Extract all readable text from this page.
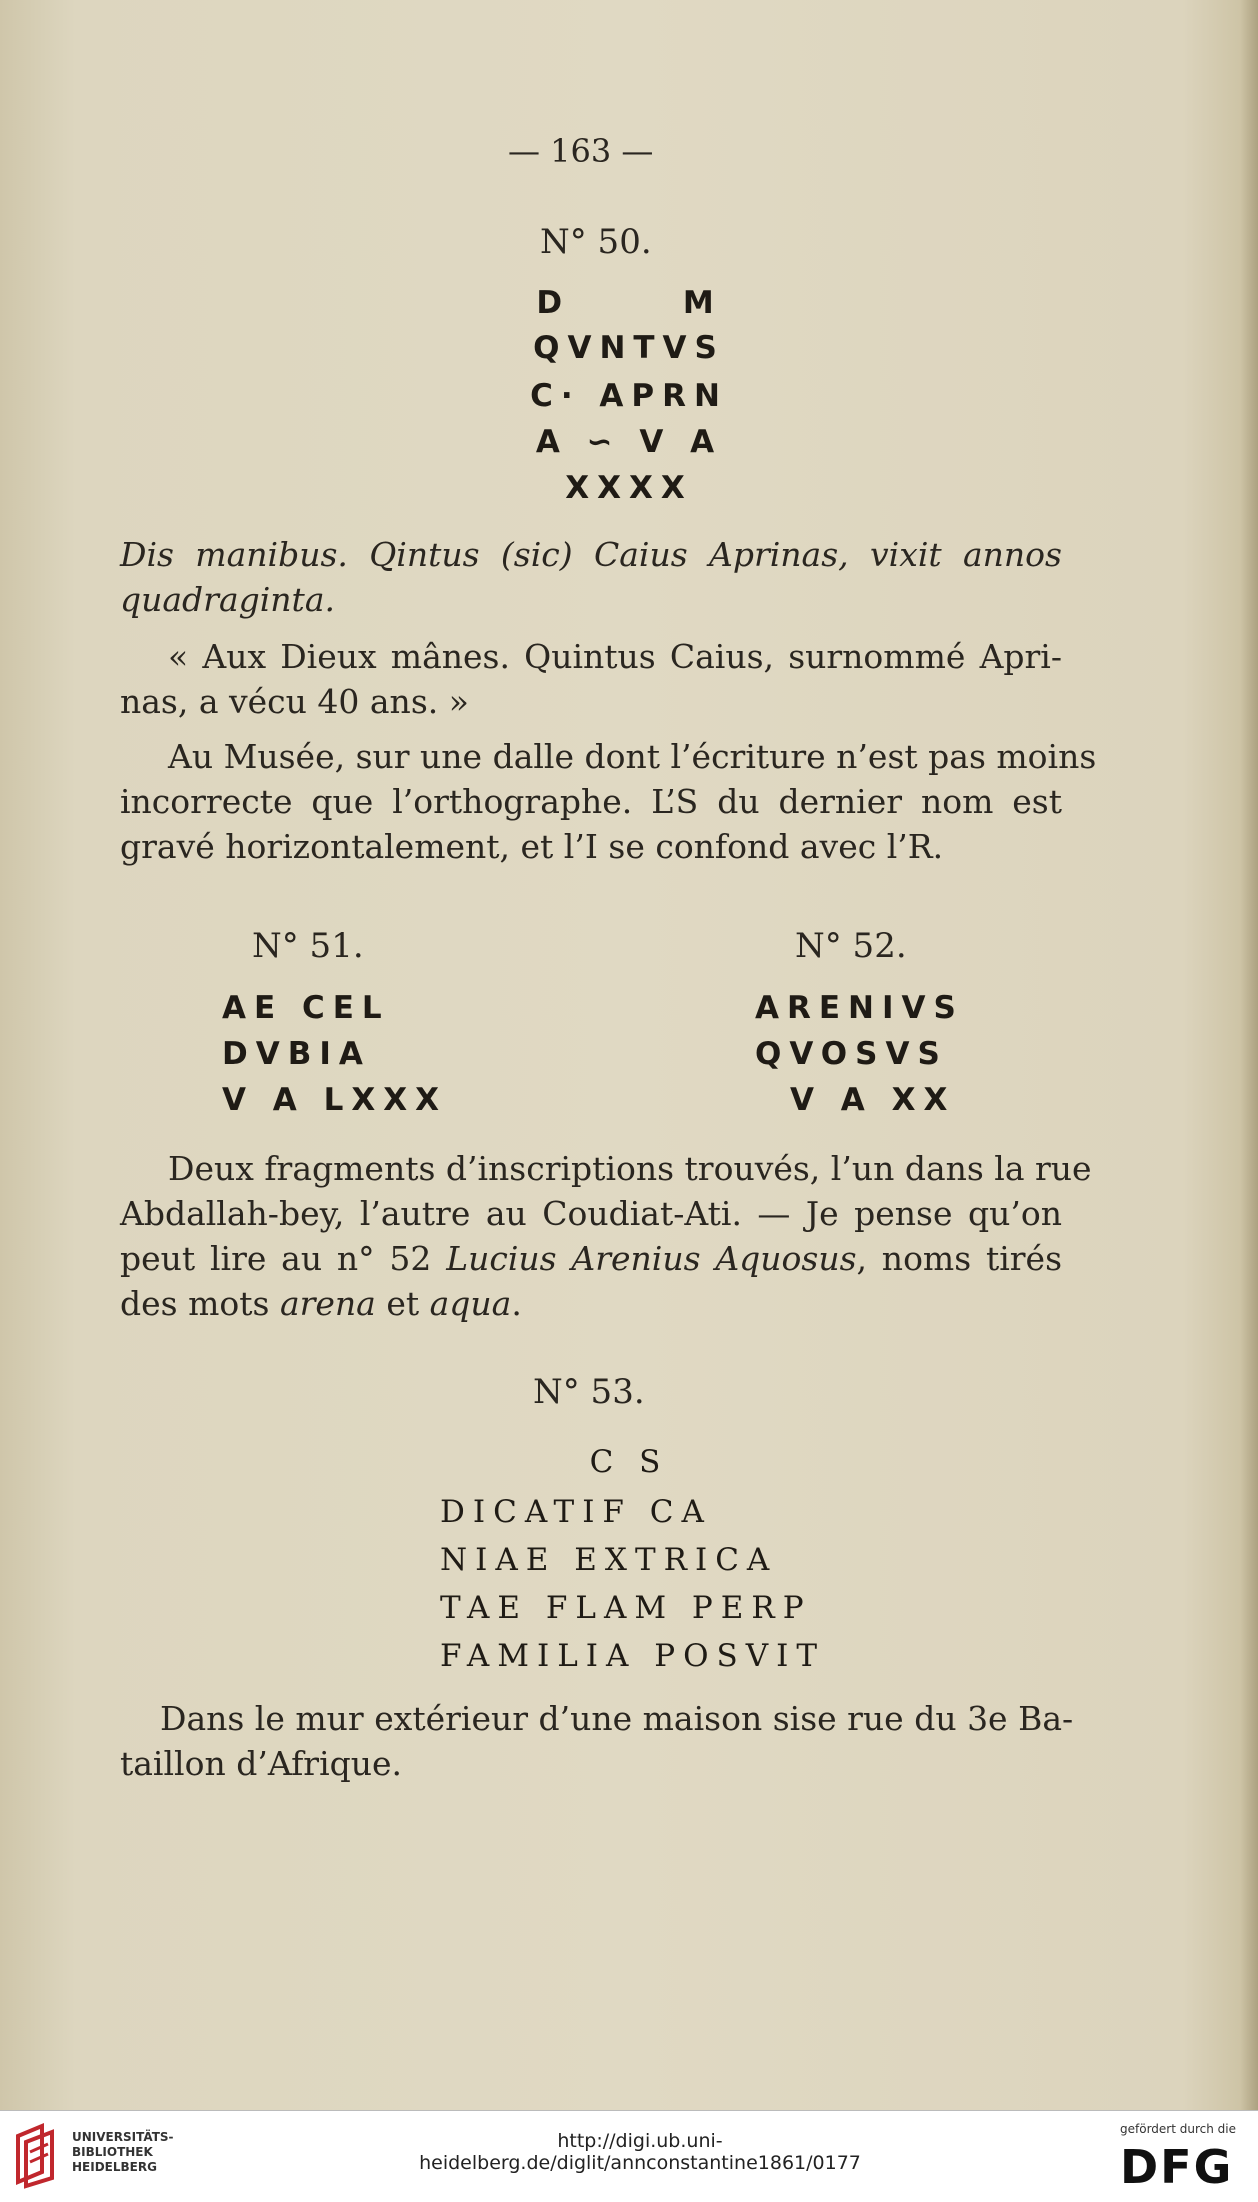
— 163 —
N° 50.
D      M
QVNTVS
C· APRN
A ∽ V A
XXXX
Dis manibus. Qintus (sic) Caius Aprinas, vixit annos
quadraginta.
« Aux Dieux mânes. Quintus Caius, surnommé Apri-
nas, a vécu 40 ans. »
Au Musée, sur une dalle dont l’écriture n’est pas moins
incorrecte que l’orthographe. L’S du dernier nom est
gravé horizontalement, et l’I se confond avec l’R.
N° 51.	N° 52.
AE CEL
DVBIA
V A LXXX
ARENIVS
QVOSVS
V A XX
Deux fragments d’inscriptions trouvés, l’un dans la rue
Abdallah-bey, l’autre au Coudiat-Ati. — Je pense qu’on
peut lire au n° 52 Lucius Arenius Aquosus, noms tirés
des mots arena et aqua.
N° 53.
C S
DICATIF CA
NIAE EXTRICA
TAE FLAM PERP
FAMILIA POSVIT
Dans le mur extérieur d’une maison sise rue du 3e Ba-
taillon d’Afrique.
UNIVERSITÄTS-
BIBLIOTHEK
HEIDELBERG
http://digi.ub.uni-heidelberg.de/diglit/annconstantine1861/0177
gefördert durch die
DFG
